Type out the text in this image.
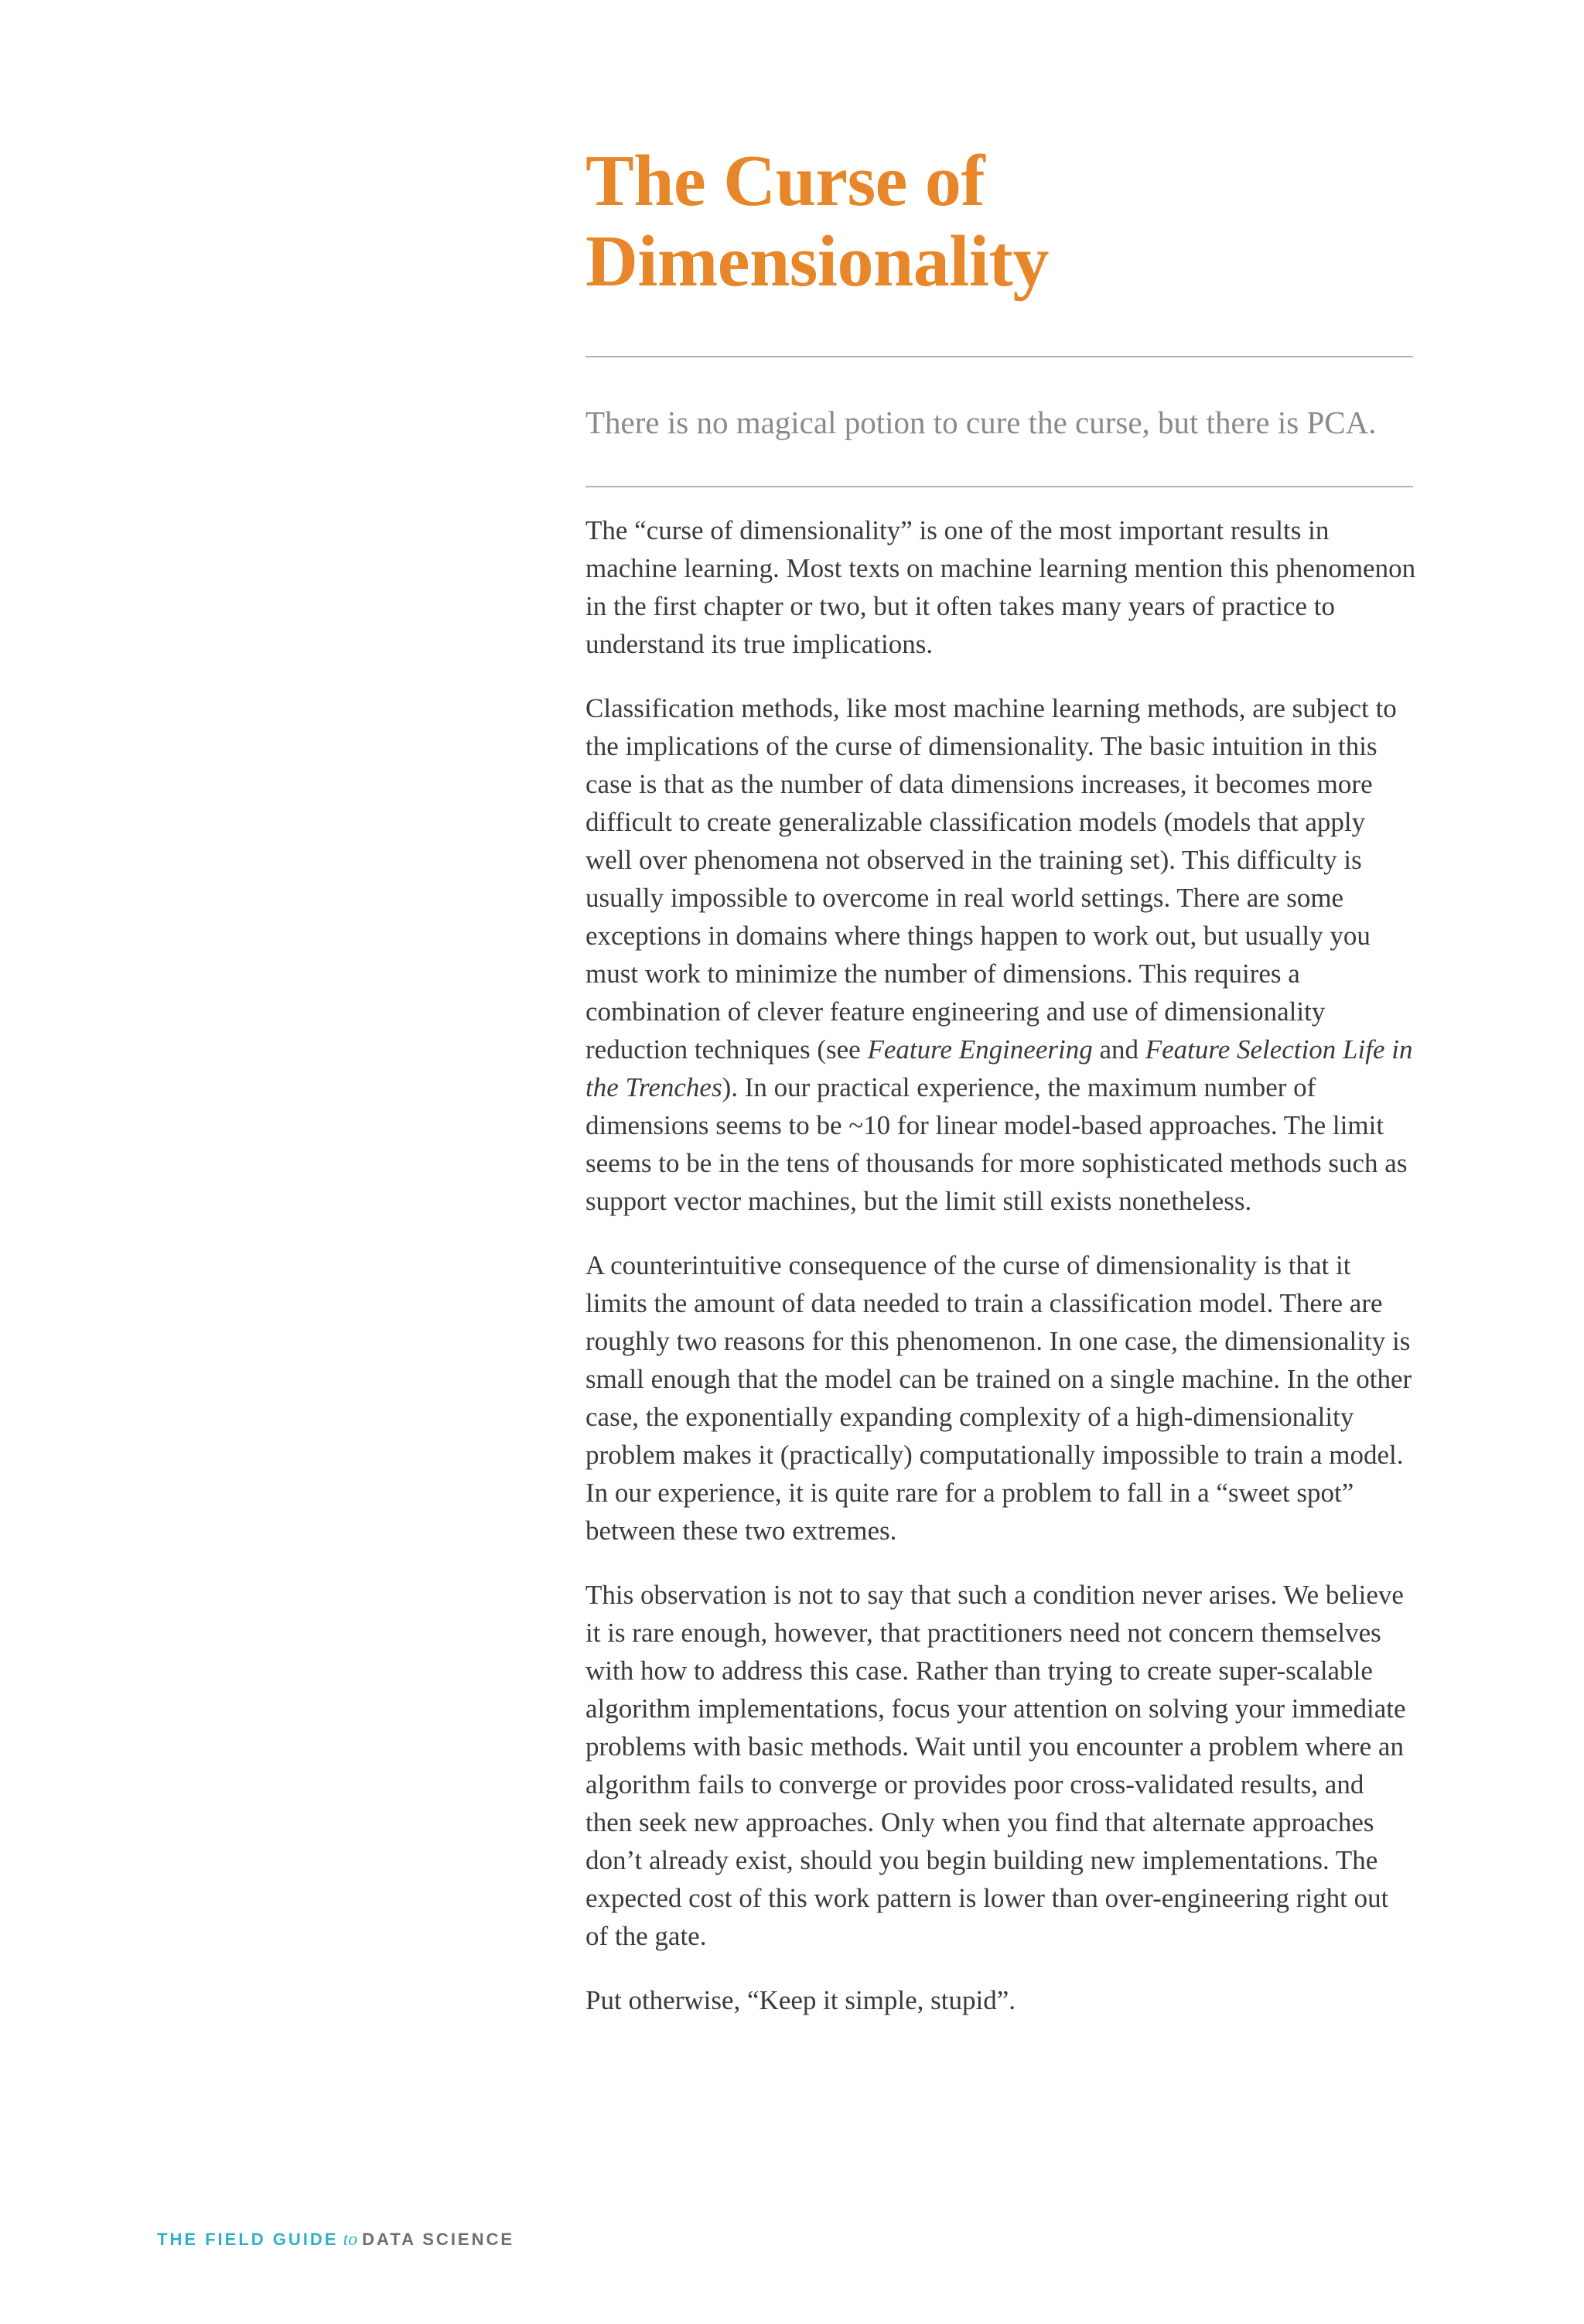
The Curse of
Dimensionality

There is no magical potion to cure the curse, but there is PCA.

The “curse of dimensionality” is one of the most important results in machine learning. Most texts on machine learning mention this phenomenon in the first chapter or two, but it often takes many years of practice to understand its true implications.

Classification methods, like most machine learning methods, are subject to the implications of the curse of dimensionality. The basic intuition in this case is that as the number of data dimensions increases, it becomes more difficult to create generalizable classification models (models that apply well over phenomena not observed in the training set). This difficulty is usually impossible to overcome in real world settings. There are some exceptions in domains where things happen to work out, but usually you must work to minimize the number of dimensions. This requires a combination of clever feature engineering and use of dimensionality reduction techniques (see Feature Engineering and Feature Selection Life in the Trenches). In our practical experience, the maximum number of dimensions seems to be ~10 for linear model-based approaches. The limit seems to be in the tens of thousands for more sophisticated methods such as support vector machines, but the limit still exists nonetheless.

A counterintuitive consequence of the curse of dimensionality is that it limits the amount of data needed to train a classification model. There are roughly two reasons for this phenomenon. In one case, the dimensionality is small enough that the model can be trained on a single machine. In the other case, the exponentially expanding complexity of a high-dimensionality problem makes it (practically) computationally impossible to train a model. In our experience, it is quite rare for a problem to fall in a “sweet spot” between these two extremes.

This observation is not to say that such a condition never arises. We believe it is rare enough, however, that practitioners need not concern themselves with how to address this case. Rather than trying to create super-scalable algorithm implementations, focus your attention on solving your immediate problems with basic methods. Wait until you encounter a problem where an algorithm fails to converge or provides poor cross-validated results, and then seek new approaches. Only when you find that alternate approaches don’t already exist, should you begin building new implementations. The expected cost of this work pattern is lower than over-engineering right out of the gate.

Put otherwise, “Keep it simple, stupid”.

THE FIELD GUIDE to DATA SCIENCE
